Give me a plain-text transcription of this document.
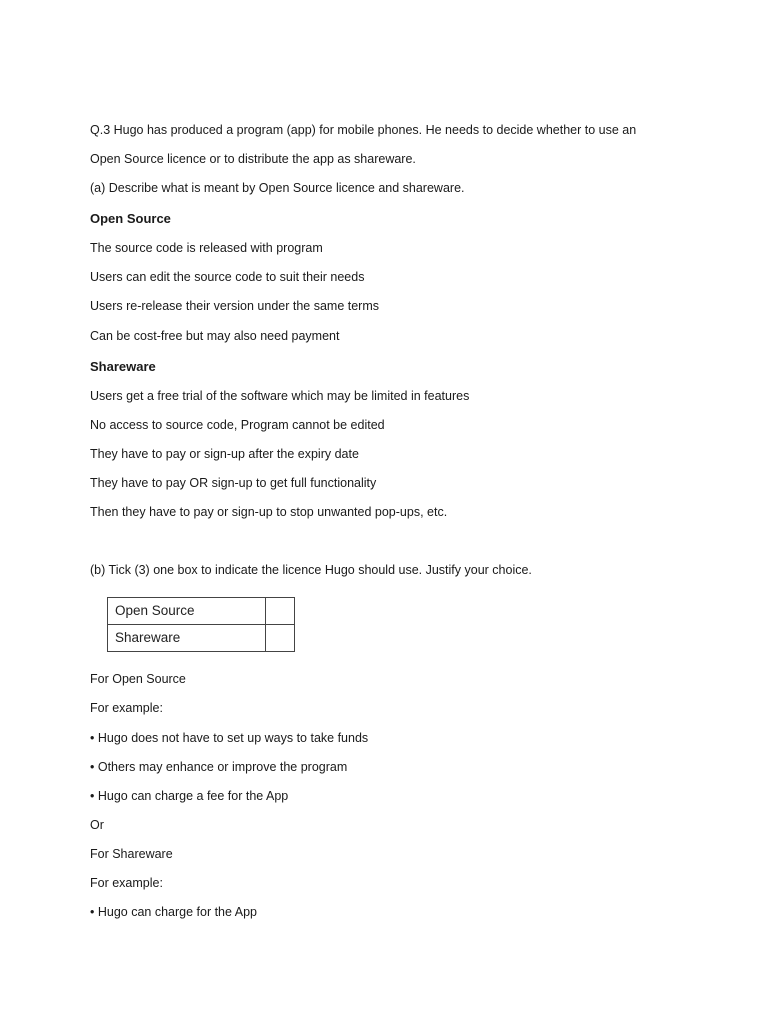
Q.3 Hugo has produced a program (app) for mobile phones. He needs to decide whether to use an
Open Source licence or to distribute the app as shareware.
(a) Describe what is meant by Open Source licence and shareware.
Open Source
The source code is released with program
Users can edit the source code to suit their needs
Users re-release their version under the same terms
Can be cost-free but may also need payment
Shareware
Users get a free trial of the software which may be limited in features
No access to source code, Program cannot be edited
They have to pay or sign-up after the expiry date
They have to pay OR sign-up to get full functionality
Then they have to pay or sign-up to stop unwanted pop-ups, etc.
(b) Tick (3) one box to indicate the licence Hugo should use. Justify your choice.
Open Source	
Shareware	
For Open Source
For example:
• Hugo does not have to set up ways to take funds
• Others may enhance or improve the program
• Hugo can charge a fee for the App
Or
For Shareware
For example:
• Hugo can charge for the App
